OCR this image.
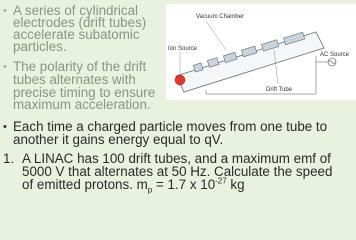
• A series of cylindrical
electrodes (drift tubes)
accelerate subatomic
particles.
• The polarity of the drift
tubes alternates with
precise timing to ensure
maximum acceleration.
• Each time a charged particle moves from one tube to
another it gains energy equal to qV.
1. A LINAC has 100 drift tubes, and a maximum emf of
5000 V that alternates at 50 Hz. Calculate the speed
of emitted protons. $m_p = 1.7$ x $10^{-27}$ kg
Vacuum Chamber
Ion Source
AC Source
Drift Tube
